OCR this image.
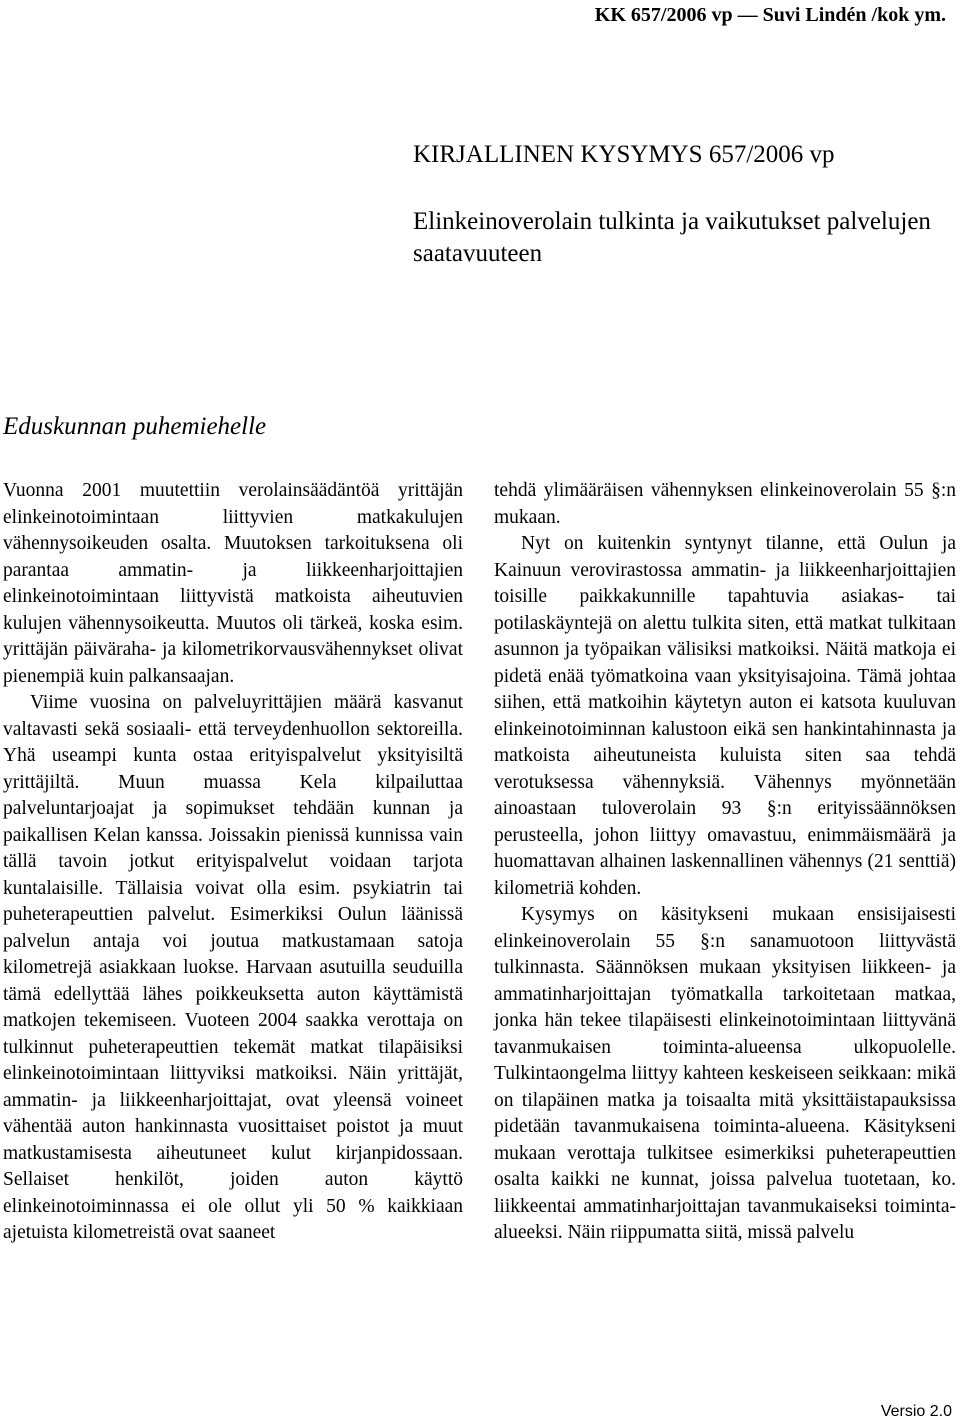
KK 657/2006 vp — Suvi Lindén /kok ym.
KIRJALLINEN KYSYMYS 657/2006 vp
Elinkeinoverolain tulkinta ja vaikutukset palvelujen saatavuuteen
Eduskunnan puhemiehelle

Vuonna 2001 muutettiin verolainsäädäntöä yrittäjän elinkeinotoimintaan liittyvien matkakulujen vähennysoikeuden osalta. Muutoksen tarkoituksena oli parantaa ammatin- ja liikkeenharjoittajien elinkeinotoimintaan liittyvistä matkoista aiheutuvien kulujen vähennysoikeutta. Muutos oli tärkeä, koska esim. yrittäjän päiväraha- ja kilometrikorvausvähennykset olivat pienempiä kuin palkansaajan.

Viime vuosina on palveluyrittäjien määrä kasvanut valtavasti sekä sosiaali- että terveydenhuollon sektoreilla. Yhä useampi kunta ostaa erityispalvelut yksityisiltä yrittäjiltä. Muun muassa Kela kilpailuttaa palveluntarjoajat ja sopimukset tehdään kunnan ja paikallisen Kelan kanssa. Joissakin pienissä kunnissa vain tällä tavoin jotkut erityispalvelut voidaan tarjota kuntalaisille. Tällaisia voivat olla esim. psykiatrin tai puheterapeuttien palvelut. Esimerkiksi Oulun läänissä palvelun antaja voi joutua matkustamaan satoja kilometrejä asiakkaan luokse. Harvaan asutuilla seuduilla tämä edellyttää lähes poikkeuksetta auton käyttämistä matkojen tekemiseen. Vuoteen 2004 saakka verottaja on tulkinnut puheterapeuttien tekemät matkat tilapäisiksi elinkeinotoimintaan liittyviksi matkoiksi. Näin yrittäjät, ammatin- ja liikkeenharjoittajat, ovat yleensä voineet vähentää auton hankinnasta vuosittaiset poistot ja muut matkustamisesta aiheutuneet kulut kirjanpidossaan. Sellaiset henkilöt, joiden auton käyttö elinkeinotoiminnassa ei ole ollut yli 50 % kaikkiaan ajetuista kilometreistä ovat saaneet

tehdä ylimääräisen vähennyksen elinkeinoverolain 55 §:n mukaan.

Nyt on kuitenkin syntynyt tilanne, että Oulun ja Kainuun verovirastossa ammatin- ja liikkeenharjoittajien toisille paikkakunnille tapahtuvia asiakas- tai potilaskäyntejä on alettu tulkita siten, että matkat tulkitaan asunnon ja työpaikan välisiksi matkoiksi. Näitä matkoja ei pidetä enää työmatkoina vaan yksityisajoina. Tämä johtaa siihen, että matkoihin käytetyn auton ei katsota kuuluvan elinkeinotoiminnan kalustoon eikä sen hankintahinnasta ja matkoista aiheutuneista kuluista siten saa tehdä verotuksessa vähennyksiä. Vähennys myönnetään ainoastaan tuloverolain 93 §:n erityissäännöksen perusteella, johon liittyy omavastuu, enimmäismäärä ja huomattavan alhainen laskennallinen vähennys (21 senttiä) kilometriä kohden.

Kysymys on käsitykseni mukaan ensisijaisesti elinkeinoverolain 55 §:n sanamuotoon liittyvästä tulkinnasta. Säännöksen mukaan yksityisen liikkeen- ja ammatinharjoittajan työmatkalla tarkoitetaan matkaa, jonka hän tekee tilapäisesti elinkeinotoimintaan liittyvänä tavanmukaisen toiminta-alueensa ulkopuolelle. Tulkintaongelma liittyy kahteen keskeiseen seikkaan: mikä on tilapäinen matka ja toisaalta mitä yksittäistapauksissa pidetään tavanmukaisena toiminta-alueena. Käsitykseni mukaan verottaja tulkitsee esimerkiksi puheterapeuttien osalta kaikki ne kunnat, joissa palvelua tuotetaan, ko. liikkeentai ammatinharjoittajan tavanmukaiseksi toiminta-alueeksi. Näin riippumatta siitä, missä palvelu

Versio 2.0
